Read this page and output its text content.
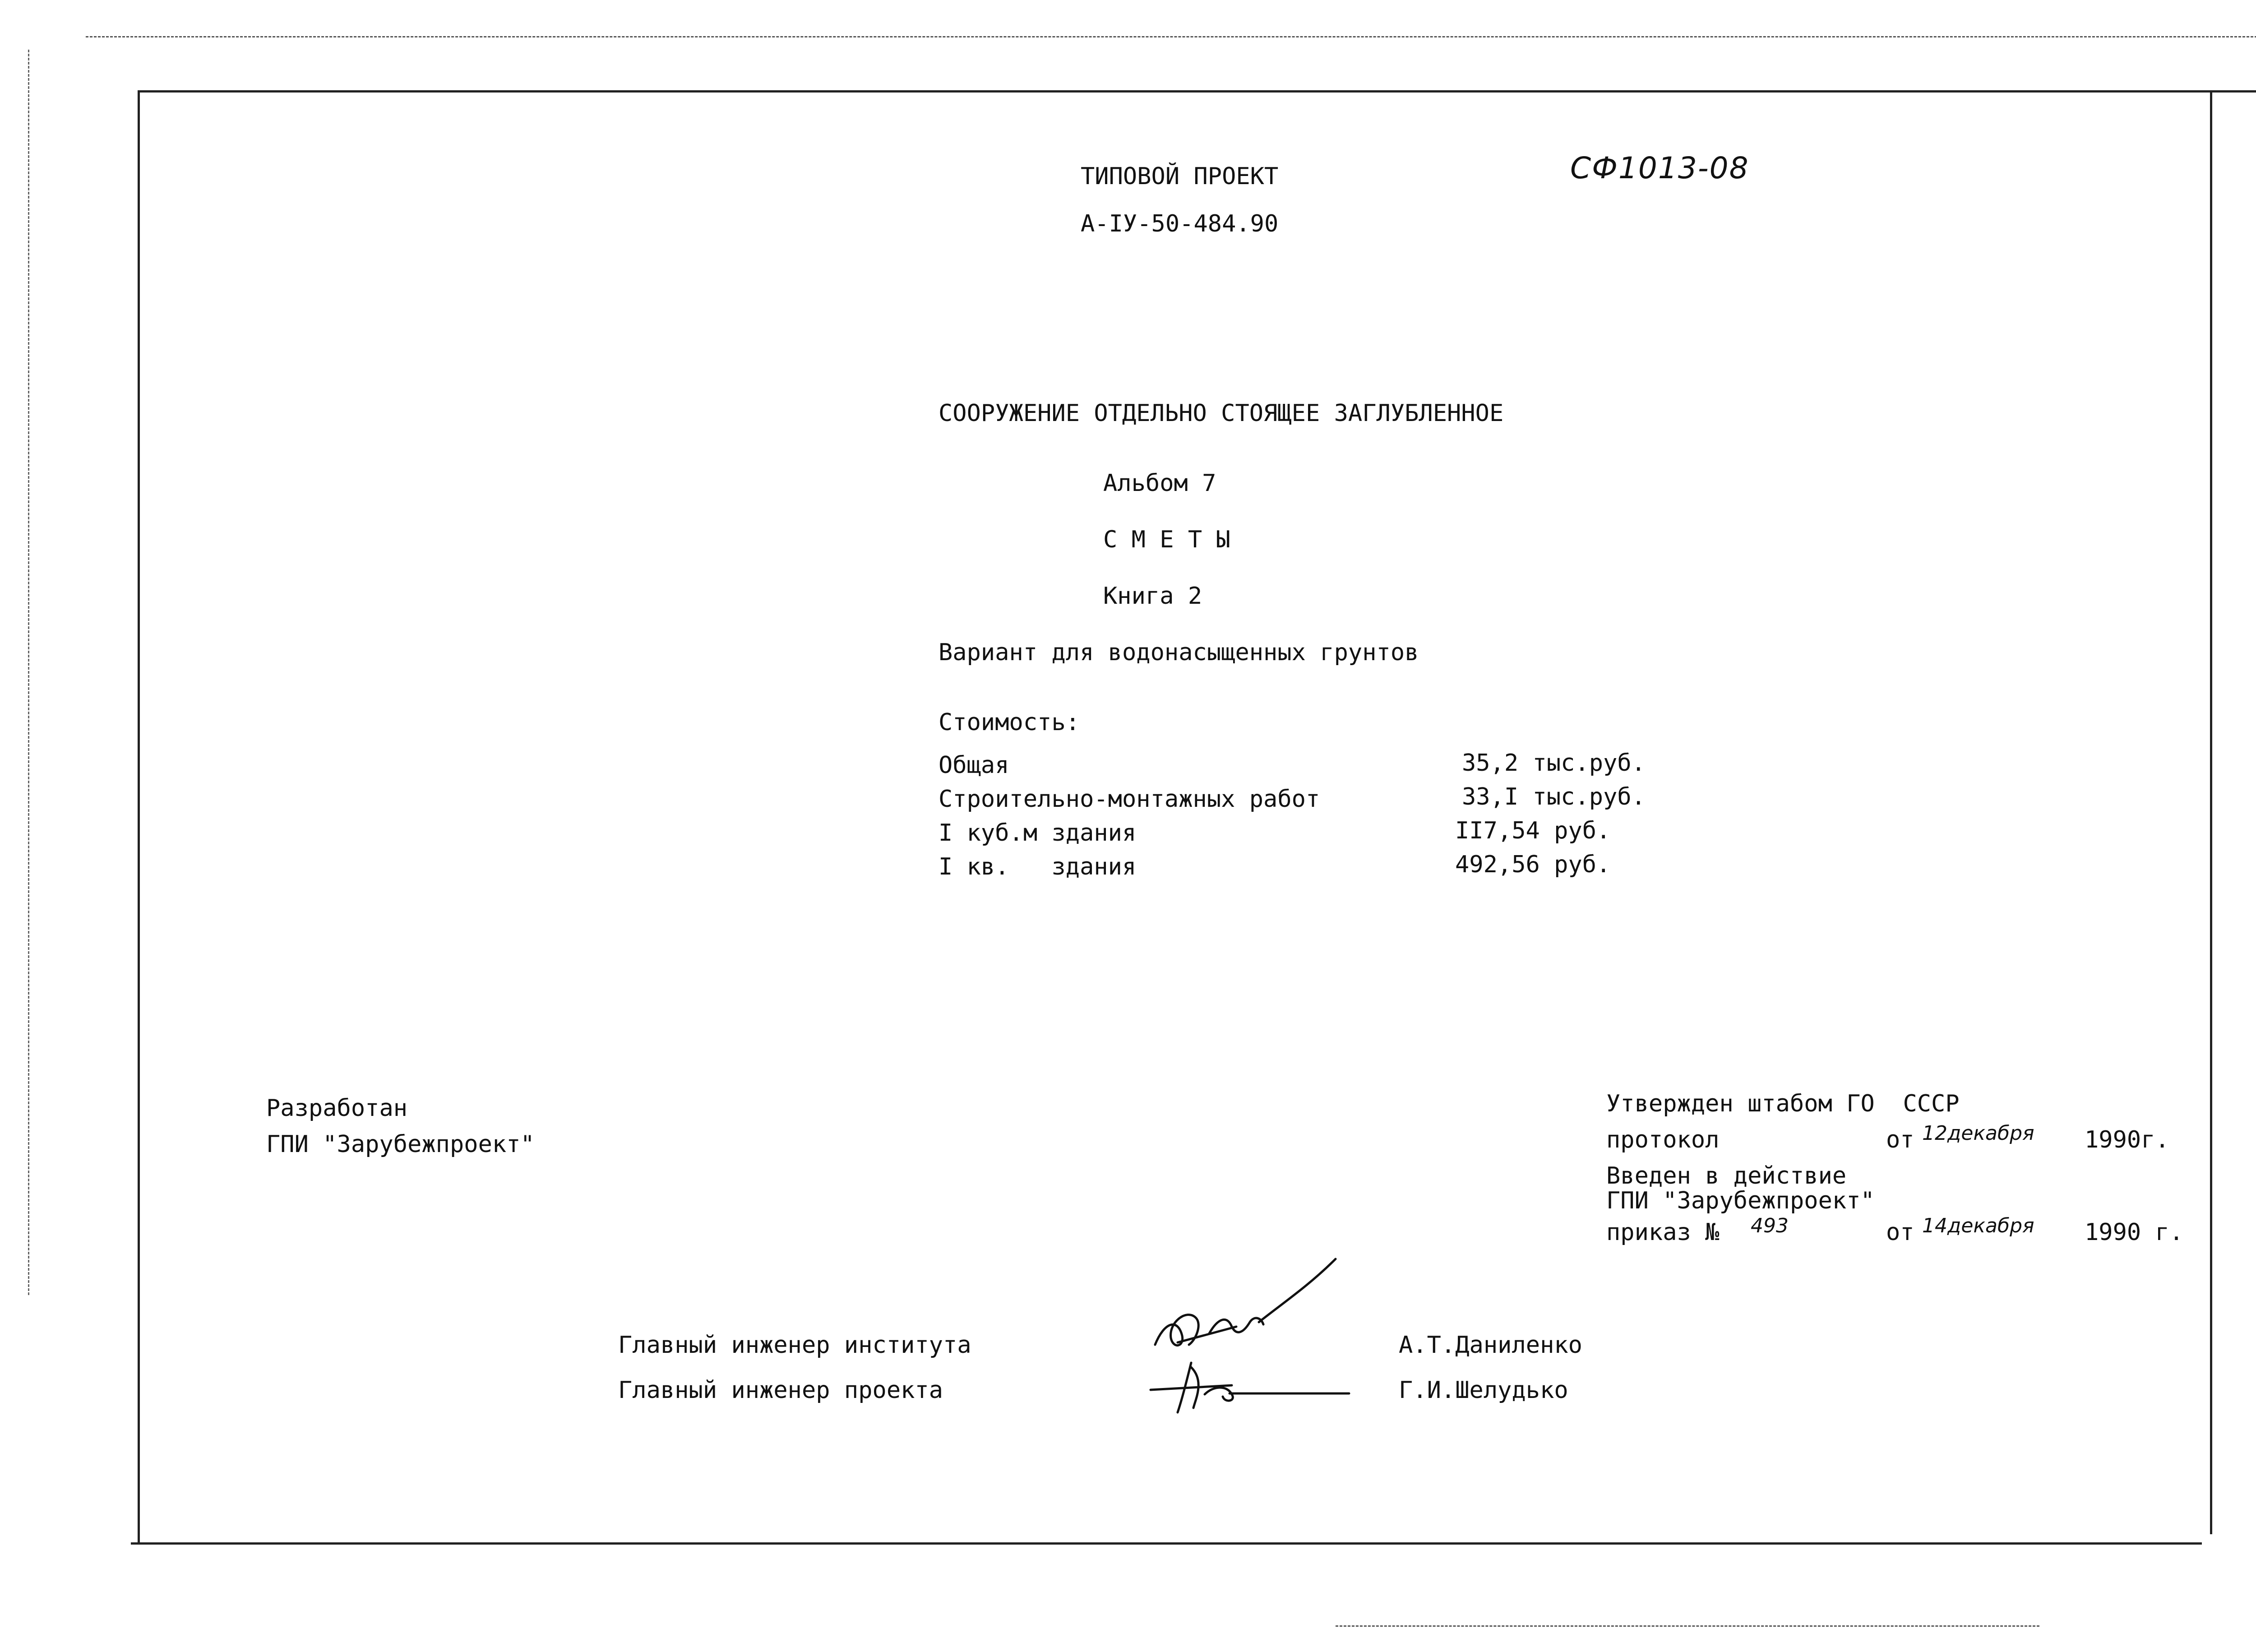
ТИПОВОЙ ПРОЕКТ
А-IУ-50-484.90
СФ1013-08
СООРУЖЕНИЕ ОТДЕЛЬНО СТОЯЩЕЕ ЗАГЛУБЛЕННОЕ
Альбом 7
С М Е Т Ы
Книга 2
Вариант для водонасыщенных грунтов
Стоимость:
Общая	35,2 тыс.руб.
Строительно-монтажных работ	33,I тыс.руб.
I куб.м здания	II7,54 руб.
I кв.   здания	492,56 руб.
Разработан
ГПИ "Зарубежпроект"
Утвержден штабом ГО  СССР
протокол	от 12декабря 1990г.
Введен в действие
ГПИ "Зарубежпроект"
приказ № 493	от 14декабря 1990 г.
Главный инженер института	А.Т.Даниленко
Главный инженер проекта	Г.И.Шелудько
